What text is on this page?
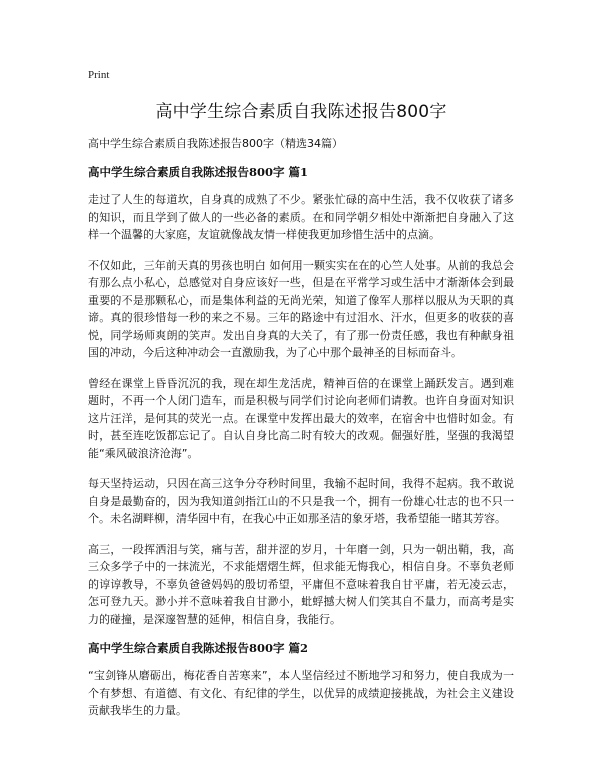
Print
高中学生综合素质自我陈述报告800字

高中学生综合素质自我陈述报告800字（精选34篇）

高中学生综合素质自我陈述报告800字 篇1

走过了人生的每道坎，自身真的成熟了不少。紧张忙碌的高中生活，我不仅收获了诸多的知识，而且学到了做人的一些必备的素质。在和同学朝夕相处中渐渐把自身融入了这样一个温馨的大家庭，友谊就像战友情一样使我更加珍惜生活中的点滴。

不仅如此，三年前天真的男孩也明白 如何用一颗实实在在的心竺人处事。从前的我总会有那么点小私心，总感觉对自身应该好一些，但是在平常学习或生活中才渐渐体会到最重要的不是那颗私心，而是集体利益的无尚光荣，知道了像军人那样以服从为天职的真谛。真的很珍惜每一秒的来之不易。三年的路途中有过泪水、汗水，但更多的收获的喜悦，同学场师爽朗的笑声。发出自身真的大关了，有了那一份责任感，我也有种献身祖国的冲动，今后这种冲动会一直激励我，为了心中那个最神圣的目标而奋斗。

曾经在课堂上昏昏沉沉的我，现在却生龙活虎，精神百倍的在课堂上踊跃发言。遇到难题时，不再一个人闭门造车，而是积极与同学们讨论向老师们请教。也许自身面对知识这片汪洋，是何其的荧光一点。在课堂中发挥出最大的效率，在宿舍中也惜时如金。有时，甚至连吃饭都忘记了。自认自身比高二时有较大的改观。倔强好胜，坚强的我渴望能“乘风破浪济沧海”。

每天坚持运动，只因在高三这争分夺秒时间里，我输不起时间，我得不起病。我不敢说自身是最勤奋的，因为我知道剑指江山的不只是我一个，拥有一份雄心壮志的也不只一个。未名湖畔柳，清华园中有，在我心中正如那圣洁的象牙塔，我希望能一睹其芳容。

高三，一段挥洒泪与笑，痛与苦，甜并涩的岁月，十年磨一剑，只为一朝出鞘，我，高三众多学子中的一抹流光，不求能熠熠生辉，但求能无悔我心，相信自身。不辜负老师的谆谆教导，不辜负爸爸妈妈的殷切希望，平庸但不意味着我自甘平庸，若无凌云志，怎可登九天。渺小并不意味着我自甘渺小，蚍蜉撼大树人们笑其自不量力，而高考是实力的碰撞，是深邃智慧的延伸，相信自身，我能行。

高中学生综合素质自我陈述报告800字 篇2

“宝剑锋从磨砺出，梅花香自苦寒来”，本人坚信经过不断地学习和努力，使自我成为一个有梦想、有道德、有文化、有纪律的学生，以优异的成绩迎接挑战，为社会主义建设贡献我毕生的力量。
